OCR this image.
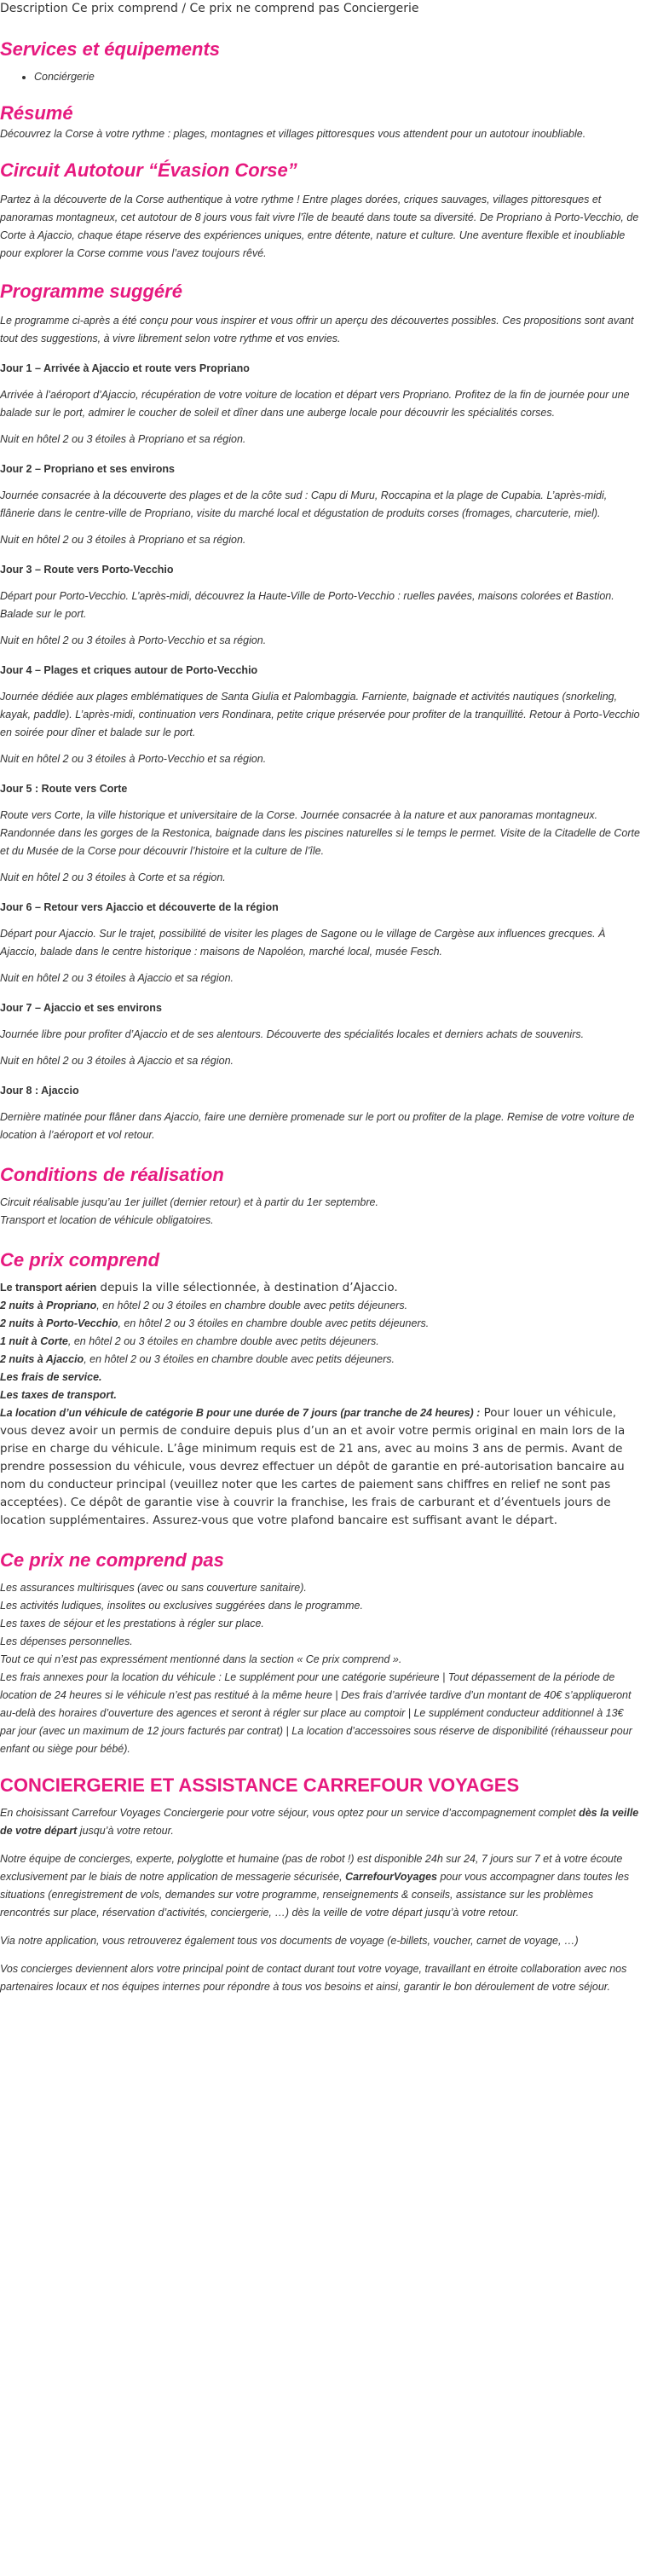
Description Ce prix comprend / Ce prix ne comprend pas Conciergerie
Services et équipements
• Conciérgerie
Résumé

Découvrez la Corse à votre rythme : plages, montagnes et villages pittoresques vous attendent pour un autotour inoubliable.

Circuit Autotour “Évasion Corse”

Partez à la découverte de la Corse authentique à votre rythme ! Entre plages dorées, criques sauvages, villages pittoresques et panoramas montagneux, cet autotour de 8 jours vous fait vivre l’île de beauté dans toute sa diversité. De Propriano à Porto-Vecchio, de Corte à Ajaccio, chaque étape réserve des expériences uniques, entre détente, nature et culture. Une aventure flexible et inoubliable pour explorer la Corse comme vous l’avez toujours rêvé.

Programme suggéré

Le programme ci-après a été conçu pour vous inspirer et vous offrir un aperçu des découvertes possibles. Ces propositions sont avant tout des suggestions, à vivre librement selon votre rythme et vos envies.

Jour 1 – Arrivée à Ajaccio et route vers Propriano

Arrivée à l’aéroport d’Ajaccio, récupération de votre voiture de location et départ vers Propriano. Profitez de la fin de journée pour une balade sur le port, admirer le coucher de soleil et dîner dans une auberge locale pour découvrir les spécialités corses.

Nuit en hôtel 2 ou 3 étoiles à Propriano et sa région.

Jour 2 – Propriano et ses environs

Journée consacrée à la découverte des plages et de la côte sud : Capu di Muru, Roccapina et la plage de Cupabia. L’après-midi, flânerie dans le centre-ville de Propriano, visite du marché local et dégustation de produits corses (fromages, charcuterie, miel).

Nuit en hôtel 2 ou 3 étoiles à Propriano et sa région.

Jour 3 – Route vers Porto-Vecchio

Départ pour Porto-Vecchio. L’après-midi, découvrez la Haute-Ville de Porto-Vecchio : ruelles pavées, maisons colorées et Bastion. Balade sur le port.

Nuit en hôtel 2 ou 3 étoiles à Porto-Vecchio et sa région.

Jour 4 – Plages et criques autour de Porto-Vecchio

Journée dédiée aux plages emblématiques de Santa Giulia et Palombaggia. Farniente, baignade et activités nautiques (snorkeling, kayak, paddle). L’après-midi, continuation vers Rondinara, petite crique préservée pour profiter de la tranquillité. Retour à Porto-Vecchio en soirée pour dîner et balade sur le port.

Nuit en hôtel 2 ou 3 étoiles à Porto-Vecchio et sa région.

Jour 5 : Route vers Corte

Route vers Corte, la ville historique et universitaire de la Corse. Journée consacrée à la nature et aux panoramas montagneux. Randonnée dans les gorges de la Restonica, baignade dans les piscines naturelles si le temps le permet. Visite de la Citadelle de Corte et du Musée de la Corse pour découvrir l’histoire et la culture de l’île.

Nuit en hôtel 2 ou 3 étoiles à Corte et sa région.

Jour 6 – Retour vers Ajaccio et découverte de la région

Départ pour Ajaccio. Sur le trajet, possibilité de visiter les plages de Sagone ou le village de Cargèse aux influences grecques. À Ajaccio, balade dans le centre historique : maisons de Napoléon, marché local, musée Fesch.

Nuit en hôtel 2 ou 3 étoiles à Ajaccio et sa région.

Jour 7 – Ajaccio et ses environs

Journée libre pour profiter d’Ajaccio et de ses alentours. Découverte des spécialités locales et derniers achats de souvenirs.

Nuit en hôtel 2 ou 3 étoiles à Ajaccio et sa région.

Jour 8 : Ajaccio

Dernière matinée pour flâner dans Ajaccio, faire une dernière promenade sur le port ou profiter de la plage. Remise de votre voiture de location à l’aéroport et vol retour.

Conditions de réalisation

Circuit réalisable jusqu’au 1er juillet (dernier retour) et à partir du 1er septembre.

Transport et location de véhicule obligatoires.

Ce prix comprend

Le transport aérien depuis la ville sélectionnée, à destination d’Ajaccio.

2 nuits à Propriano, en hôtel 2 ou 3 étoiles en chambre double avec petits déjeuners.

2 nuits à Porto-Vecchio, en hôtel 2 ou 3 étoiles en chambre double avec petits déjeuners.

1 nuit à Corte, en hôtel 2 ou 3 étoiles en chambre double avec petits déjeuners.

2 nuits à Ajaccio, en hôtel 2 ou 3 étoiles en chambre double avec petits déjeuners.

Les frais de service.

Les taxes de transport.

La location d’un véhicule de catégorie B pour une durée de 7 jours (par tranche de 24 heures) : Pour louer un véhicule, vous devez avoir un permis de conduire depuis plus d’un an et avoir votre permis original en main lors de la prise en charge du véhicule. L’âge minimum requis est de 21 ans, avec au moins 3 ans de permis. Avant de prendre possession du véhicule, vous devrez effectuer un dépôt de garantie en pré-autorisation bancaire au nom du conducteur principal (veuillez noter que les cartes de paiement sans chiffres en relief ne sont pas acceptées). Ce dépôt de garantie vise à couvrir la franchise, les frais de carburant et d’éventuels jours de location supplémentaires. Assurez-vous que votre plafond bancaire est suffisant avant le départ.

Ce prix ne comprend pas

Les assurances multirisques (avec ou sans couverture sanitaire).

Les activités ludiques, insolites ou exclusives suggérées dans le programme.

Les taxes de séjour et les prestations à régler sur place.

Les dépenses personnelles.

Tout ce qui n’est pas expressément mentionné dans la section « Ce prix comprend ».

Les frais annexes pour la location du véhicule : Le supplément pour une catégorie supérieure | Tout dépassement de la période de location de 24 heures si le véhicule n’est pas restitué à la même heure | Des frais d’arrivée tardive d’un montant de 40€ s’appliqueront au-delà des horaires d’ouverture des agences et seront à régler sur place au comptoir | Le supplément conducteur additionnel à 13€ par jour (avec un maximum de 12 jours facturés par contrat) | La location d’accessoires sous réserve de disponibilité (réhausseur pour enfant ou siège pour bébé).

CONCIERGERIE ET ASSISTANCE CARREFOUR VOYAGES

En choisissant Carrefour Voyages Conciergerie pour votre séjour, vous optez pour un service d’accompagnement complet dès la veille de votre départ jusqu’à votre retour.

Notre équipe de concierges, experte, polyglotte et humaine (pas de robot !) est disponible 24h sur 24, 7 jours sur 7 et à votre écoute exclusivement par le biais de notre application de messagerie sécurisée, CarrefourVoyages pour vous accompagner dans toutes les situations (enregistrement de vols, demandes sur votre programme, renseignements & conseils, assistance sur les problèmes rencontrés sur place, réservation d’activités, conciergerie, …) dès la veille de votre départ jusqu’à votre retour.

Via notre application, vous retrouverez également tous vos documents de voyage (e-billets, voucher, carnet de voyage, …)

Vos concierges deviennent alors votre principal point de contact durant tout votre voyage, travaillant en étroite collaboration avec nos partenaires locaux et nos équipes internes pour répondre à tous vos besoins et ainsi, garantir le bon déroulement de votre séjour.
